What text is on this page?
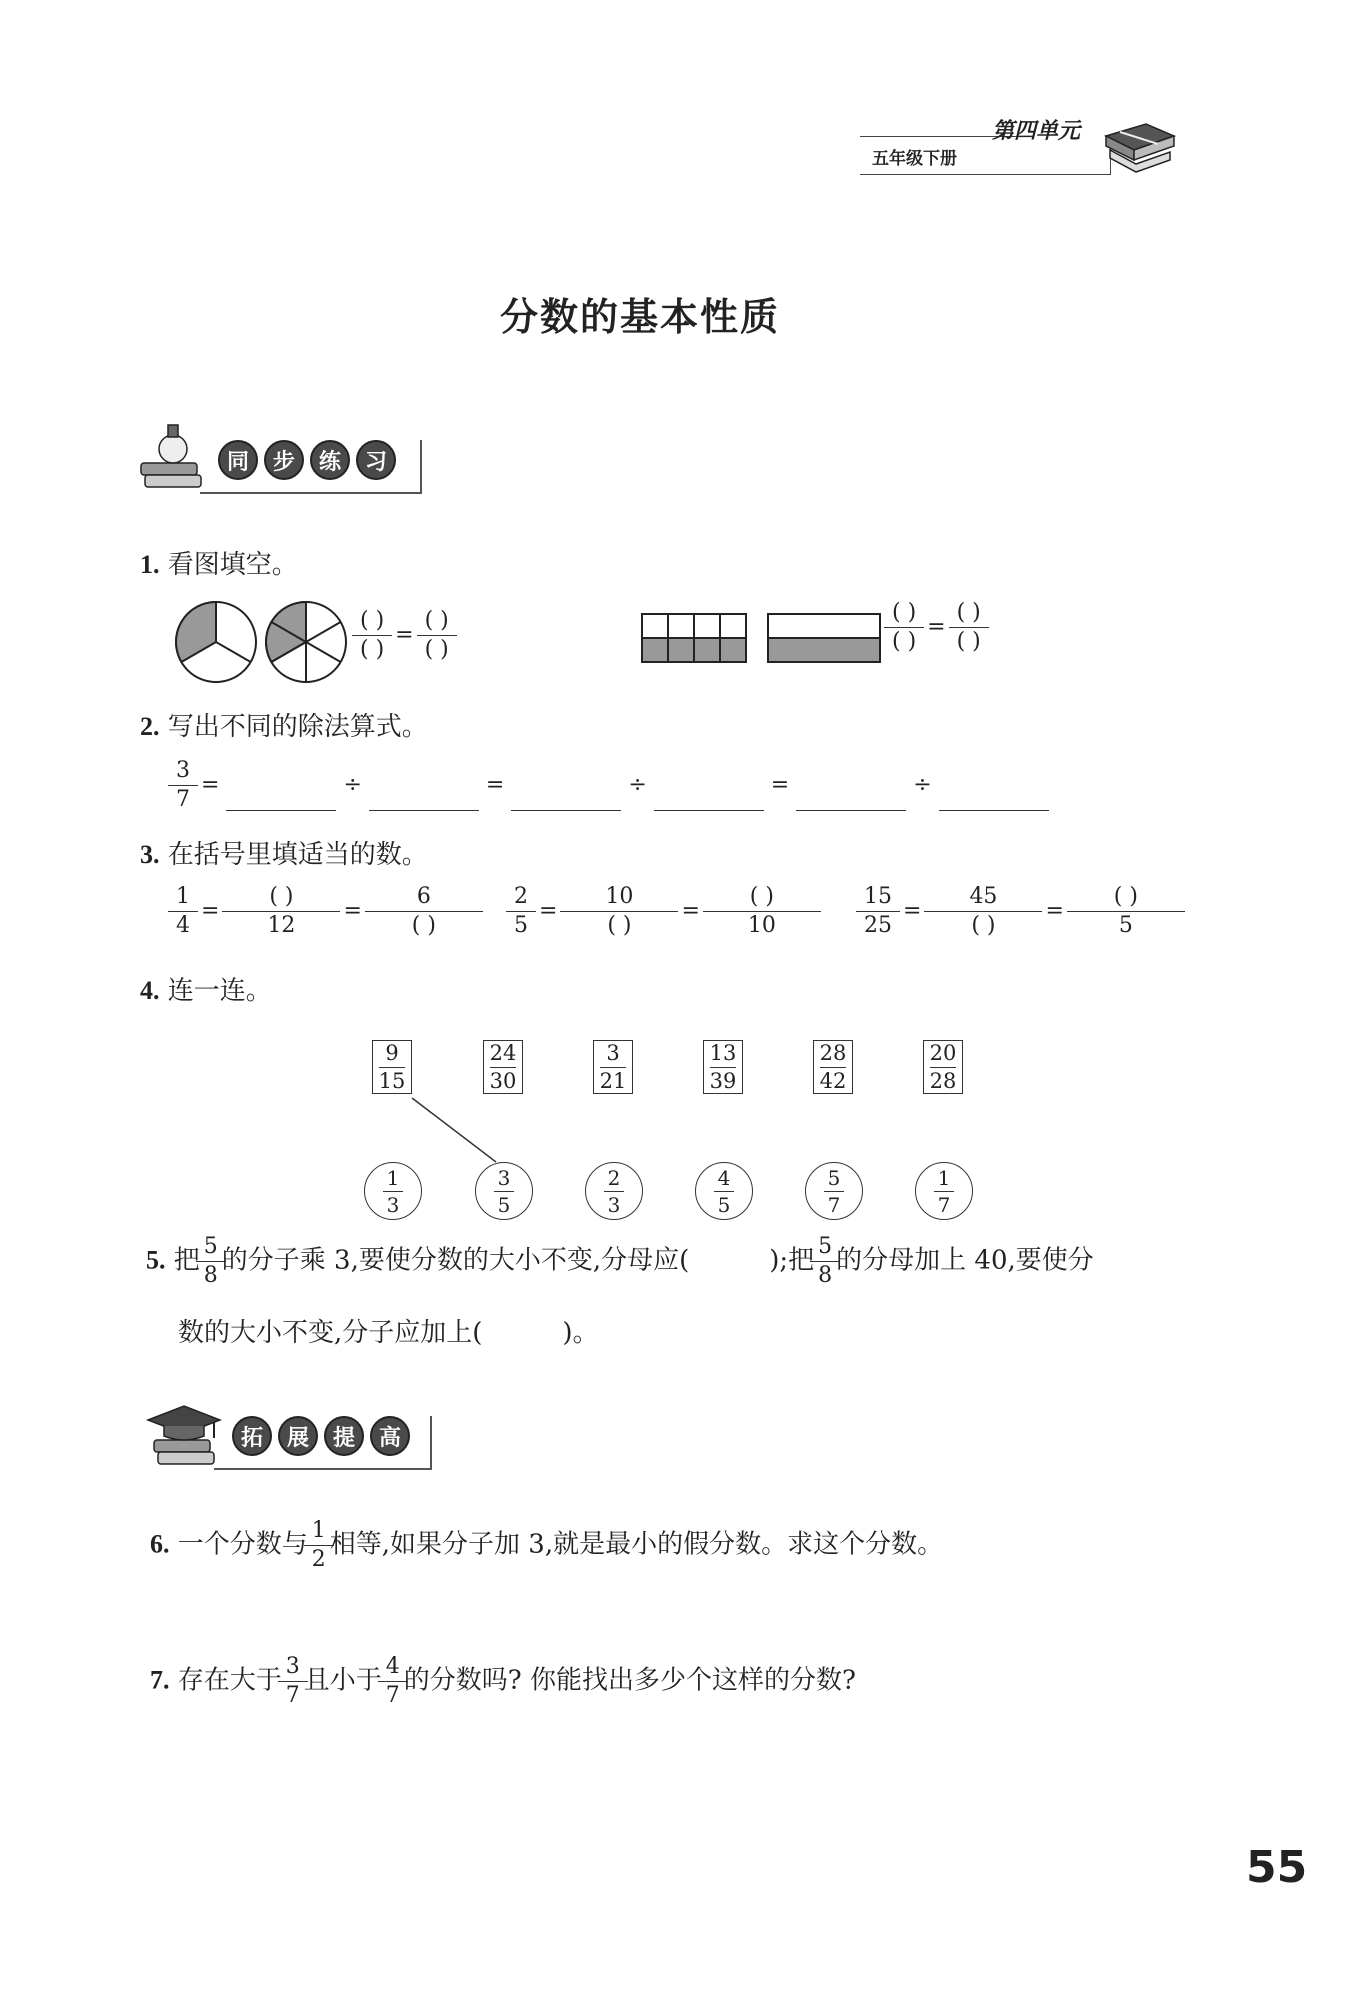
五年级下册
第四单元
分数的基本性质
同	步	练	习
1. 看图填空。
$\frac{( )}{( )} = \frac{( )}{( )}$	$\frac{( )}{( )} = \frac{( )}{( )}$
2. 写出不同的除法算式。
$\frac{3}{7}$ =	÷	=	÷	=	÷
3. 在括号里填适当的数。
$\frac{1}{4} = \frac{( )}{12} = \frac{6}{( )} \frac{2}{5} = \frac{10}{( )} = \frac{( )}{10} \frac{15}{25} = \frac{45}{( )} = \frac{( )}{5}$
4. 连一连。
9
15
24
30
3
21
13
39
28
42
20
28
1
3
3
5
2
3
4
5
5
7
1
7
5. 把 $\frac{5}{8}$ 的分子乘 3,要使分数的大小不变,分母应(	);把 $\frac{5}{8}$ 的分母加上 40,要使分
数的大小不变,分子应加上(	)。
拓	展	提	高
6. 一个分数与 $\frac{1}{2}$ 相等,如果分子加 3,就是最小的假分数。求这个分数。
7. 存在大于 $\frac{3}{7}$ 且小于 $\frac{4}{7}$ 的分数吗? 你能找出多少个这样的分数?
55
